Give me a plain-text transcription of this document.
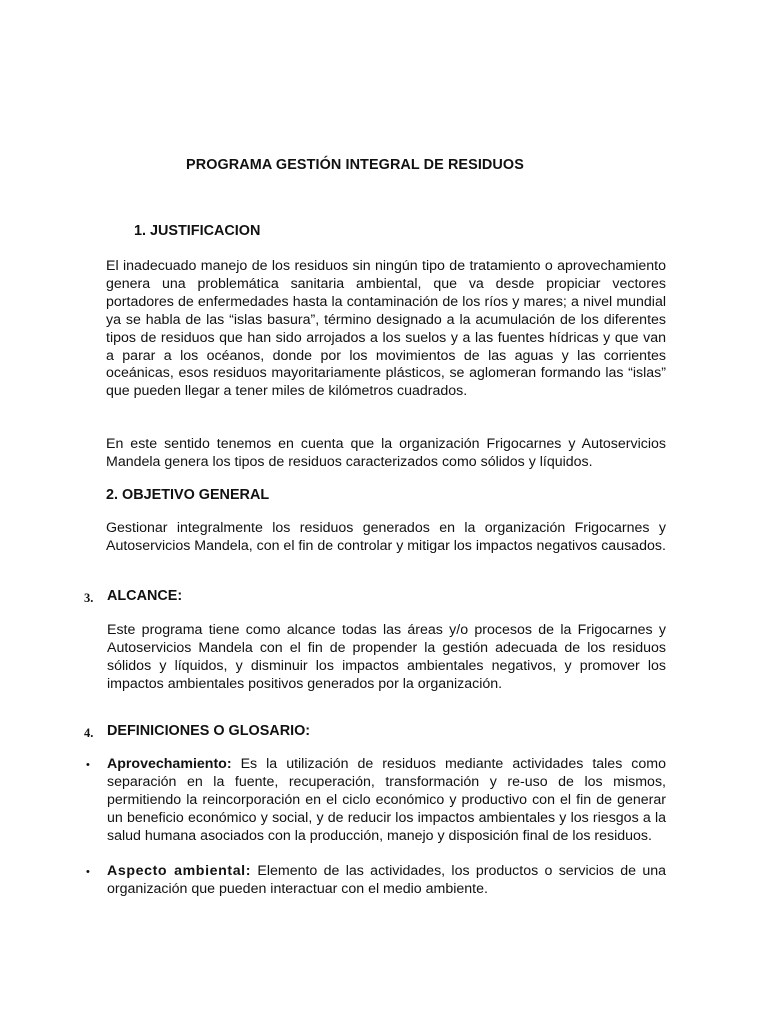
PROGRAMA GESTIÓN INTEGRAL DE RESIDUOS
1. JUSTIFICACION

El inadecuado manejo de los residuos sin ningún tipo de tratamiento o aprovechamiento genera una problemática sanitaria ambiental, que va desde propiciar vectores portadores de enfermedades hasta la contaminación de los ríos y mares; a nivel mundial ya se habla de las “islas basura”, término designado a la acumulación de los diferentes tipos de residuos que han sido arrojados a los suelos y a las fuentes hídricas y que van a parar a los océanos, donde por los movimientos de las aguas y las corrientes oceánicas, esos residuos mayoritariamente plásticos, se aglomeran formando las “islas” que pueden llegar a tener miles de kilómetros cuadrados.

En este sentido tenemos en cuenta que la organización Frigocarnes y Autoservicios Mandela genera los tipos de residuos caracterizados como sólidos y líquidos.

2. OBJETIVO GENERAL

Gestionar integralmente los residuos generados en la organización Frigocarnes y Autoservicios Mandela, con el fin de controlar y mitigar los impactos negativos causados.

3. ALCANCE:

Este programa tiene como alcance todas las áreas y/o procesos de la Frigocarnes y Autoservicios Mandela con el fin de propender la gestión adecuada de los residuos sólidos y líquidos, y disminuir los impactos ambientales negativos, y promover los impactos ambientales positivos generados por la organización.

4. DEFINICIONES O GLOSARIO:
• Aprovechamiento: Es la utilización de residuos mediante actividades tales como separación en la fuente, recuperación, transformación y re-uso de los mismos, permitiendo la reincorporación en el ciclo económico y productivo con el fin de generar un beneficio económico y social, y de reducir los impactos ambientales y los riesgos a la salud humana asociados con la producción, manejo y disposición final de los residuos.

• Aspecto ambiental: Elemento de las actividades, los productos o servicios de una organización que pueden interactuar con el medio ambiente.
